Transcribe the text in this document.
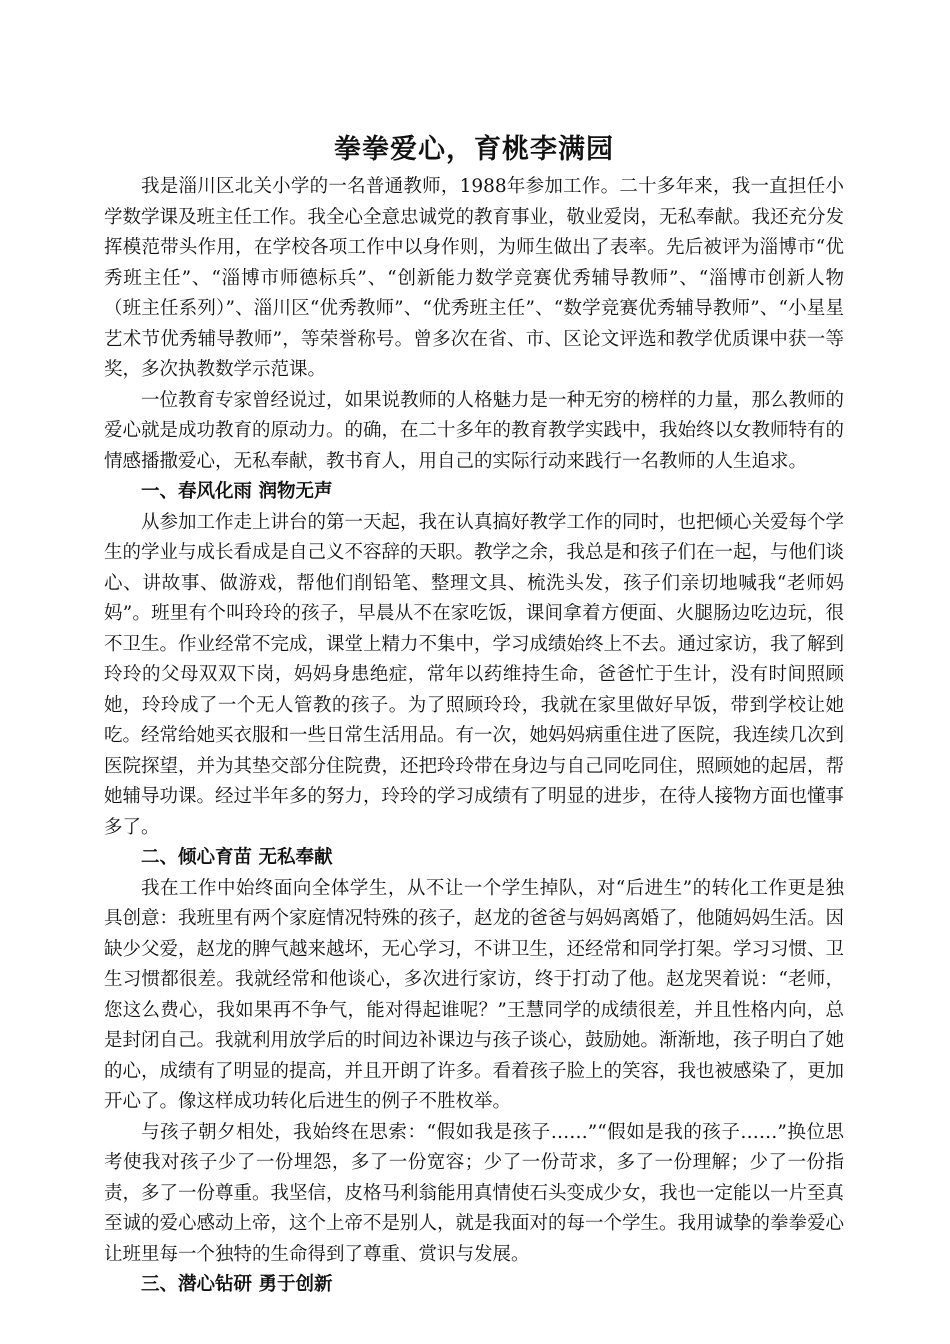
拳拳爱心，育桃李满园

我是淄川区北关小学的一名普通教师，1988年参加工作。二十多年来，我一直担任小学数学课及班主任工作。我全心全意忠诚党的教育事业，敬业爱岗，无私奉献。我还充分发挥模范带头作用，在学校各项工作中以身作则，为师生做出了表率。先后被评为淄博市“优秀班主任”、“淄博市师德标兵”、“创新能力数学竞赛优秀辅导教师”、“淄博市创新人物（班主任系列）”、淄川区“优秀教师”、“优秀班主任”、“数学竞赛优秀辅导教师”、“小星星艺术节优秀辅导教师”，等荣誉称号。曾多次在省、市、区论文评选和教学优质课中获一等奖，多次执教数学示范课。

一位教育专家曾经说过，如果说教师的人格魅力是一种无穷的榜样的力量，那么教师的爱心就是成功教育的原动力。的确，在二十多年的教育教学实践中，我始终以女教师特有的情感播撒爱心，无私奉献，教书育人，用自己的实际行动来践行一名教师的人生追求。

一、春风化雨 润物无声

从参加工作走上讲台的第一天起，我在认真搞好教学工作的同时，也把倾心关爱每个学生的学业与成长看成是自己义不容辞的天职。教学之余，我总是和孩子们在一起，与他们谈心、讲故事、做游戏，帮他们削铅笔、整理文具、梳洗头发，孩子们亲切地喊我“老师妈妈”。班里有个叫玲玲的孩子，早晨从不在家吃饭，课间拿着方便面、火腿肠边吃边玩，很不卫生。作业经常不完成，课堂上精力不集中，学习成绩始终上不去。通过家访，我了解到玲玲的父母双双下岗，妈妈身患绝症，常年以药维持生命，爸爸忙于生计，没有时间照顾她，玲玲成了一个无人管教的孩子。为了照顾玲玲，我就在家里做好早饭，带到学校让她吃。经常给她买衣服和一些日常生活用品。有一次，她妈妈病重住进了医院，我连续几次到医院探望，并为其垫交部分住院费，还把玲玲带在身边与自己同吃同住，照顾她的起居，帮她辅导功课。经过半年多的努力，玲玲的学习成绩有了明显的进步，在待人接物方面也懂事多了。

二、倾心育苗 无私奉献

我在工作中始终面向全体学生，从不让一个学生掉队，对“后进生”的转化工作更是独具创意：我班里有两个家庭情况特殊的孩子，赵龙的爸爸与妈妈离婚了，他随妈妈生活。因缺少父爱，赵龙的脾气越来越坏，无心学习，不讲卫生，还经常和同学打架。学习习惯、卫生习惯都很差。我就经常和他谈心，多次进行家访，终于打动了他。赵龙哭着说：“老师，您这么费心，我如果再不争气，能对得起谁呢？”王慧同学的成绩很差，并且性格内向，总是封闭自己。我就利用放学后的时间边补课边与孩子谈心，鼓励她。渐渐地，孩子明白了她的心，成绩有了明显的提高，并且开朗了许多。看着孩子脸上的笑容，我也被感染了，更加开心了。像这样成功转化后进生的例子不胜枚举。

与孩子朝夕相处，我始终在思索：“假如我是孩子……”“假如是我的孩子……”换位思考使我对孩子少了一份埋怨，多了一份宽容；少了一份苛求，多了一份理解；少了一份指责，多了一份尊重。我坚信，皮格马利翁能用真情使石头变成少女，我也一定能以一片至真至诚的爱心感动上帝，这个上帝不是别人，就是我面对的每一个学生。我用诚挚的拳拳爱心让班里每一个独特的生命得到了尊重、赏识与发展。

三、潜心钻研 勇于创新
